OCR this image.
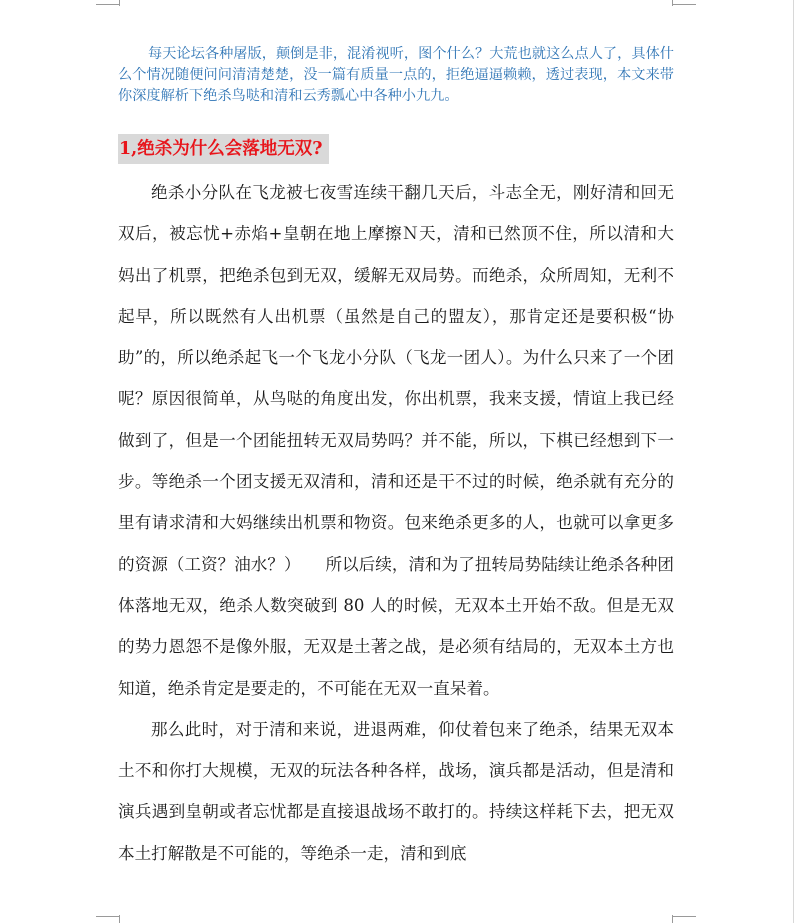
每天论坛各种屠版，颠倒是非，混淆视听，图个什么？大荒也就这么点人了，具体什么个情况随便问问清清楚楚，没一篇有质量一点的，拒绝逼逼赖赖，透过表现，本文来带你深度解析下绝杀鸟哒和清和云秀瓢心中各种小九九。

1,绝杀为什么会落地无双?

绝杀小分队在飞龙被七夜雪连续干翻几天后，斗志全无，刚好清和回无双后，被忘忧+赤焰+皇朝在地上摩擦Ｎ天，清和已然顶不住，所以清和大妈出了机票，把绝杀包到无双，缓解无双局势。而绝杀，众所周知，无利不起早，所以既然有人出机票（虽然是自己的盟友），那肯定还是要积极“协助”的，所以绝杀起飞一个飞龙小分队（飞龙一团人）。为什么只来了一个团呢？原因很简单，从鸟哒的角度出发，你出机票，我来支援，情谊上我已经做到了，但是一个团能扭转无双局势吗？并不能，所以，下棋已经想到下一步。等绝杀一个团支援无双清和，清和还是干不过的时候，绝杀就有充分的里有请求清和大妈继续出机票和物资。包来绝杀更多的人，也就可以拿更多的资源（工资？油水？）　　所以后续，清和为了扭转局势陆续让绝杀各种团体落地无双，绝杀人数突破到 80 人的时候，无双本土开始不敌。但是无双的势力恩怨不是像外服，无双是土著之战，是必须有结局的，无双本土方也知道，绝杀肯定是要走的，不可能在无双一直呆着。

那么此时，对于清和来说，进退两难，仰仗着包来了绝杀，结果无双本土不和你打大规模，无双的玩法各种各样，战场，演兵都是活动，但是清和演兵遇到皇朝或者忘忧都是直接退战场不敢打的。持续这样耗下去，把无双本土打解散是不可能的，等绝杀一走，清和到底
